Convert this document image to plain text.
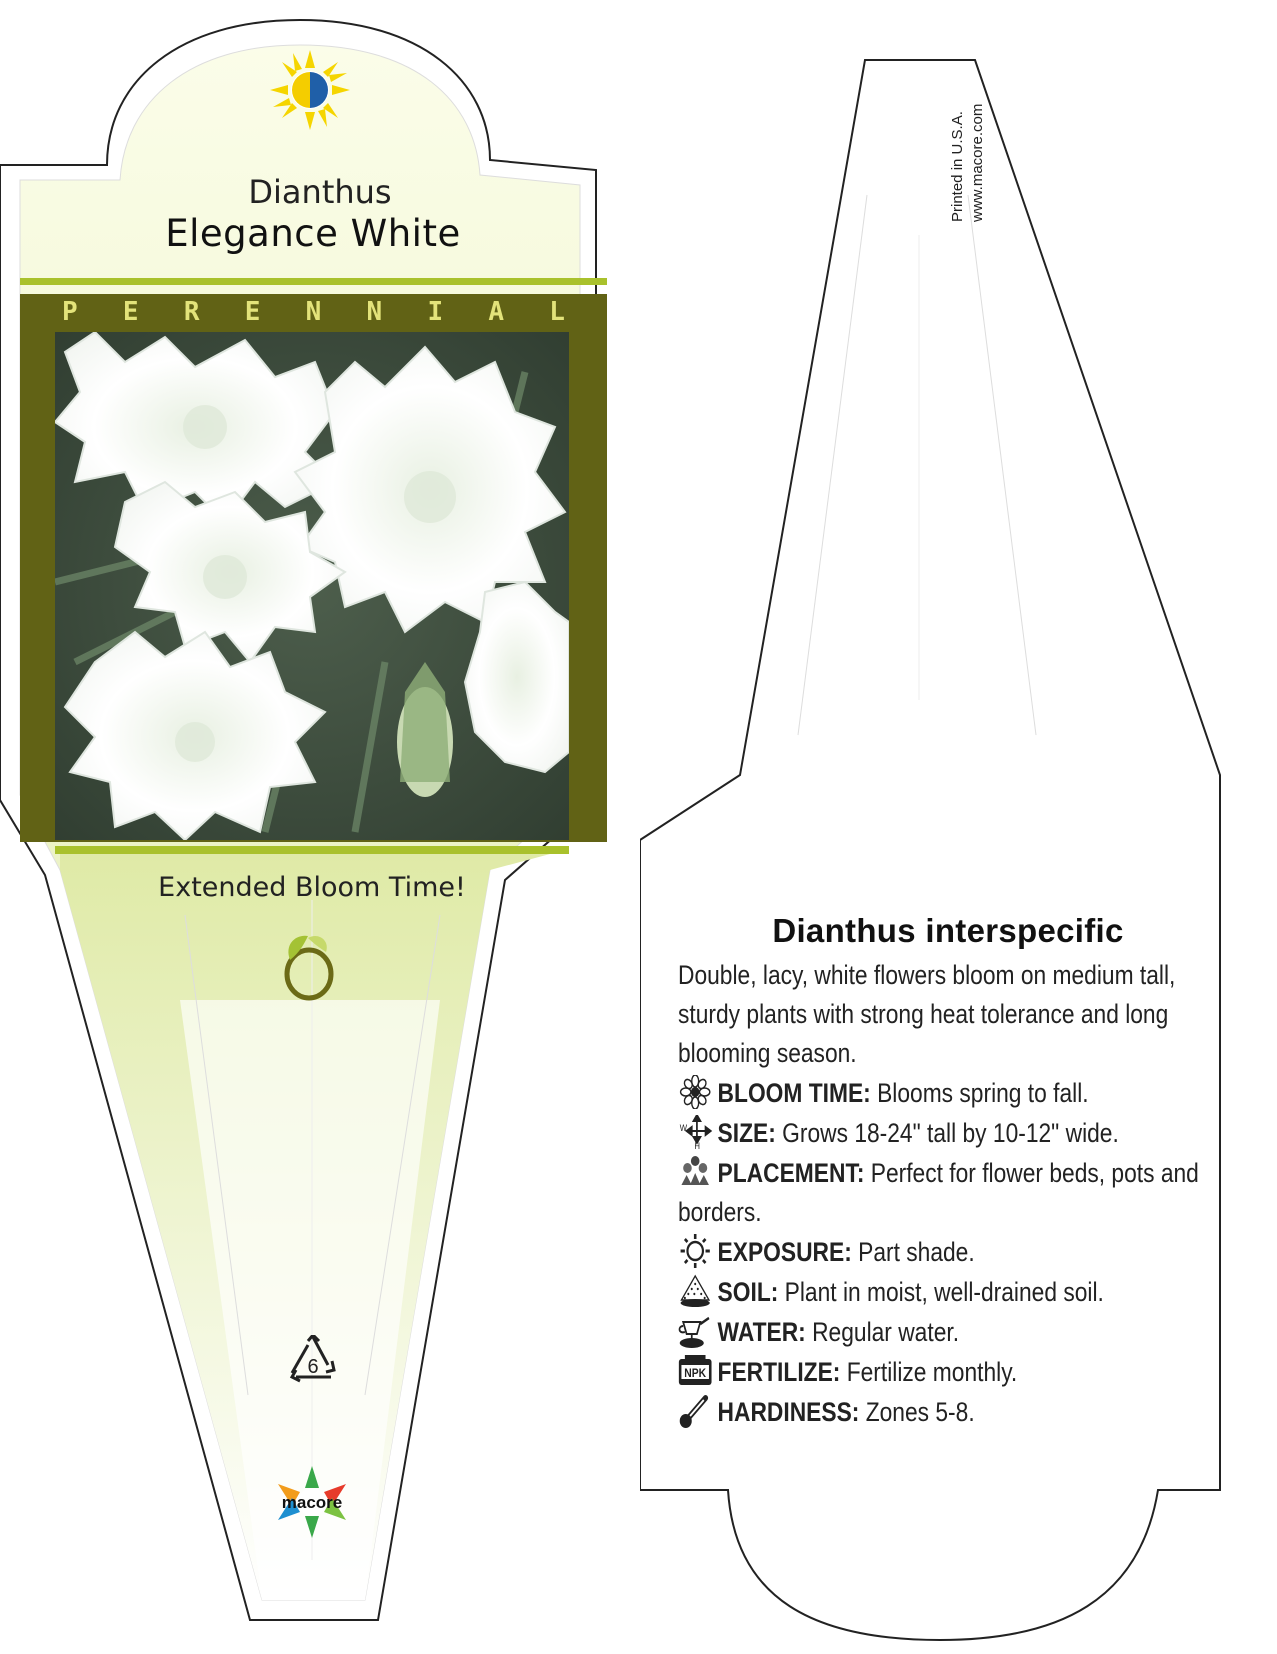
Dianthus
Elegance White
P E R E N N I A L
Extended Bloom Time!
6
macore
Printed in U.S.A. www.macore.com
Dianthus interspecific

Double, lacy, white flowers bloom on medium tall, sturdy plants with strong heat tolerance and long blooming season.

BLOOM TIME: Blooms spring to fall.
W
H SIZE: Grows 18-24" tall by 10-12" wide.
PLACEMENT: Perfect for flower beds, pots and borders.
EXPOSURE: Part shade.
SOIL: Plant in moist, well-drained soil.
WATER: Regular water.
NPK FERTILIZE: Fertilize monthly.
HARDINESS: Zones 5-8.
